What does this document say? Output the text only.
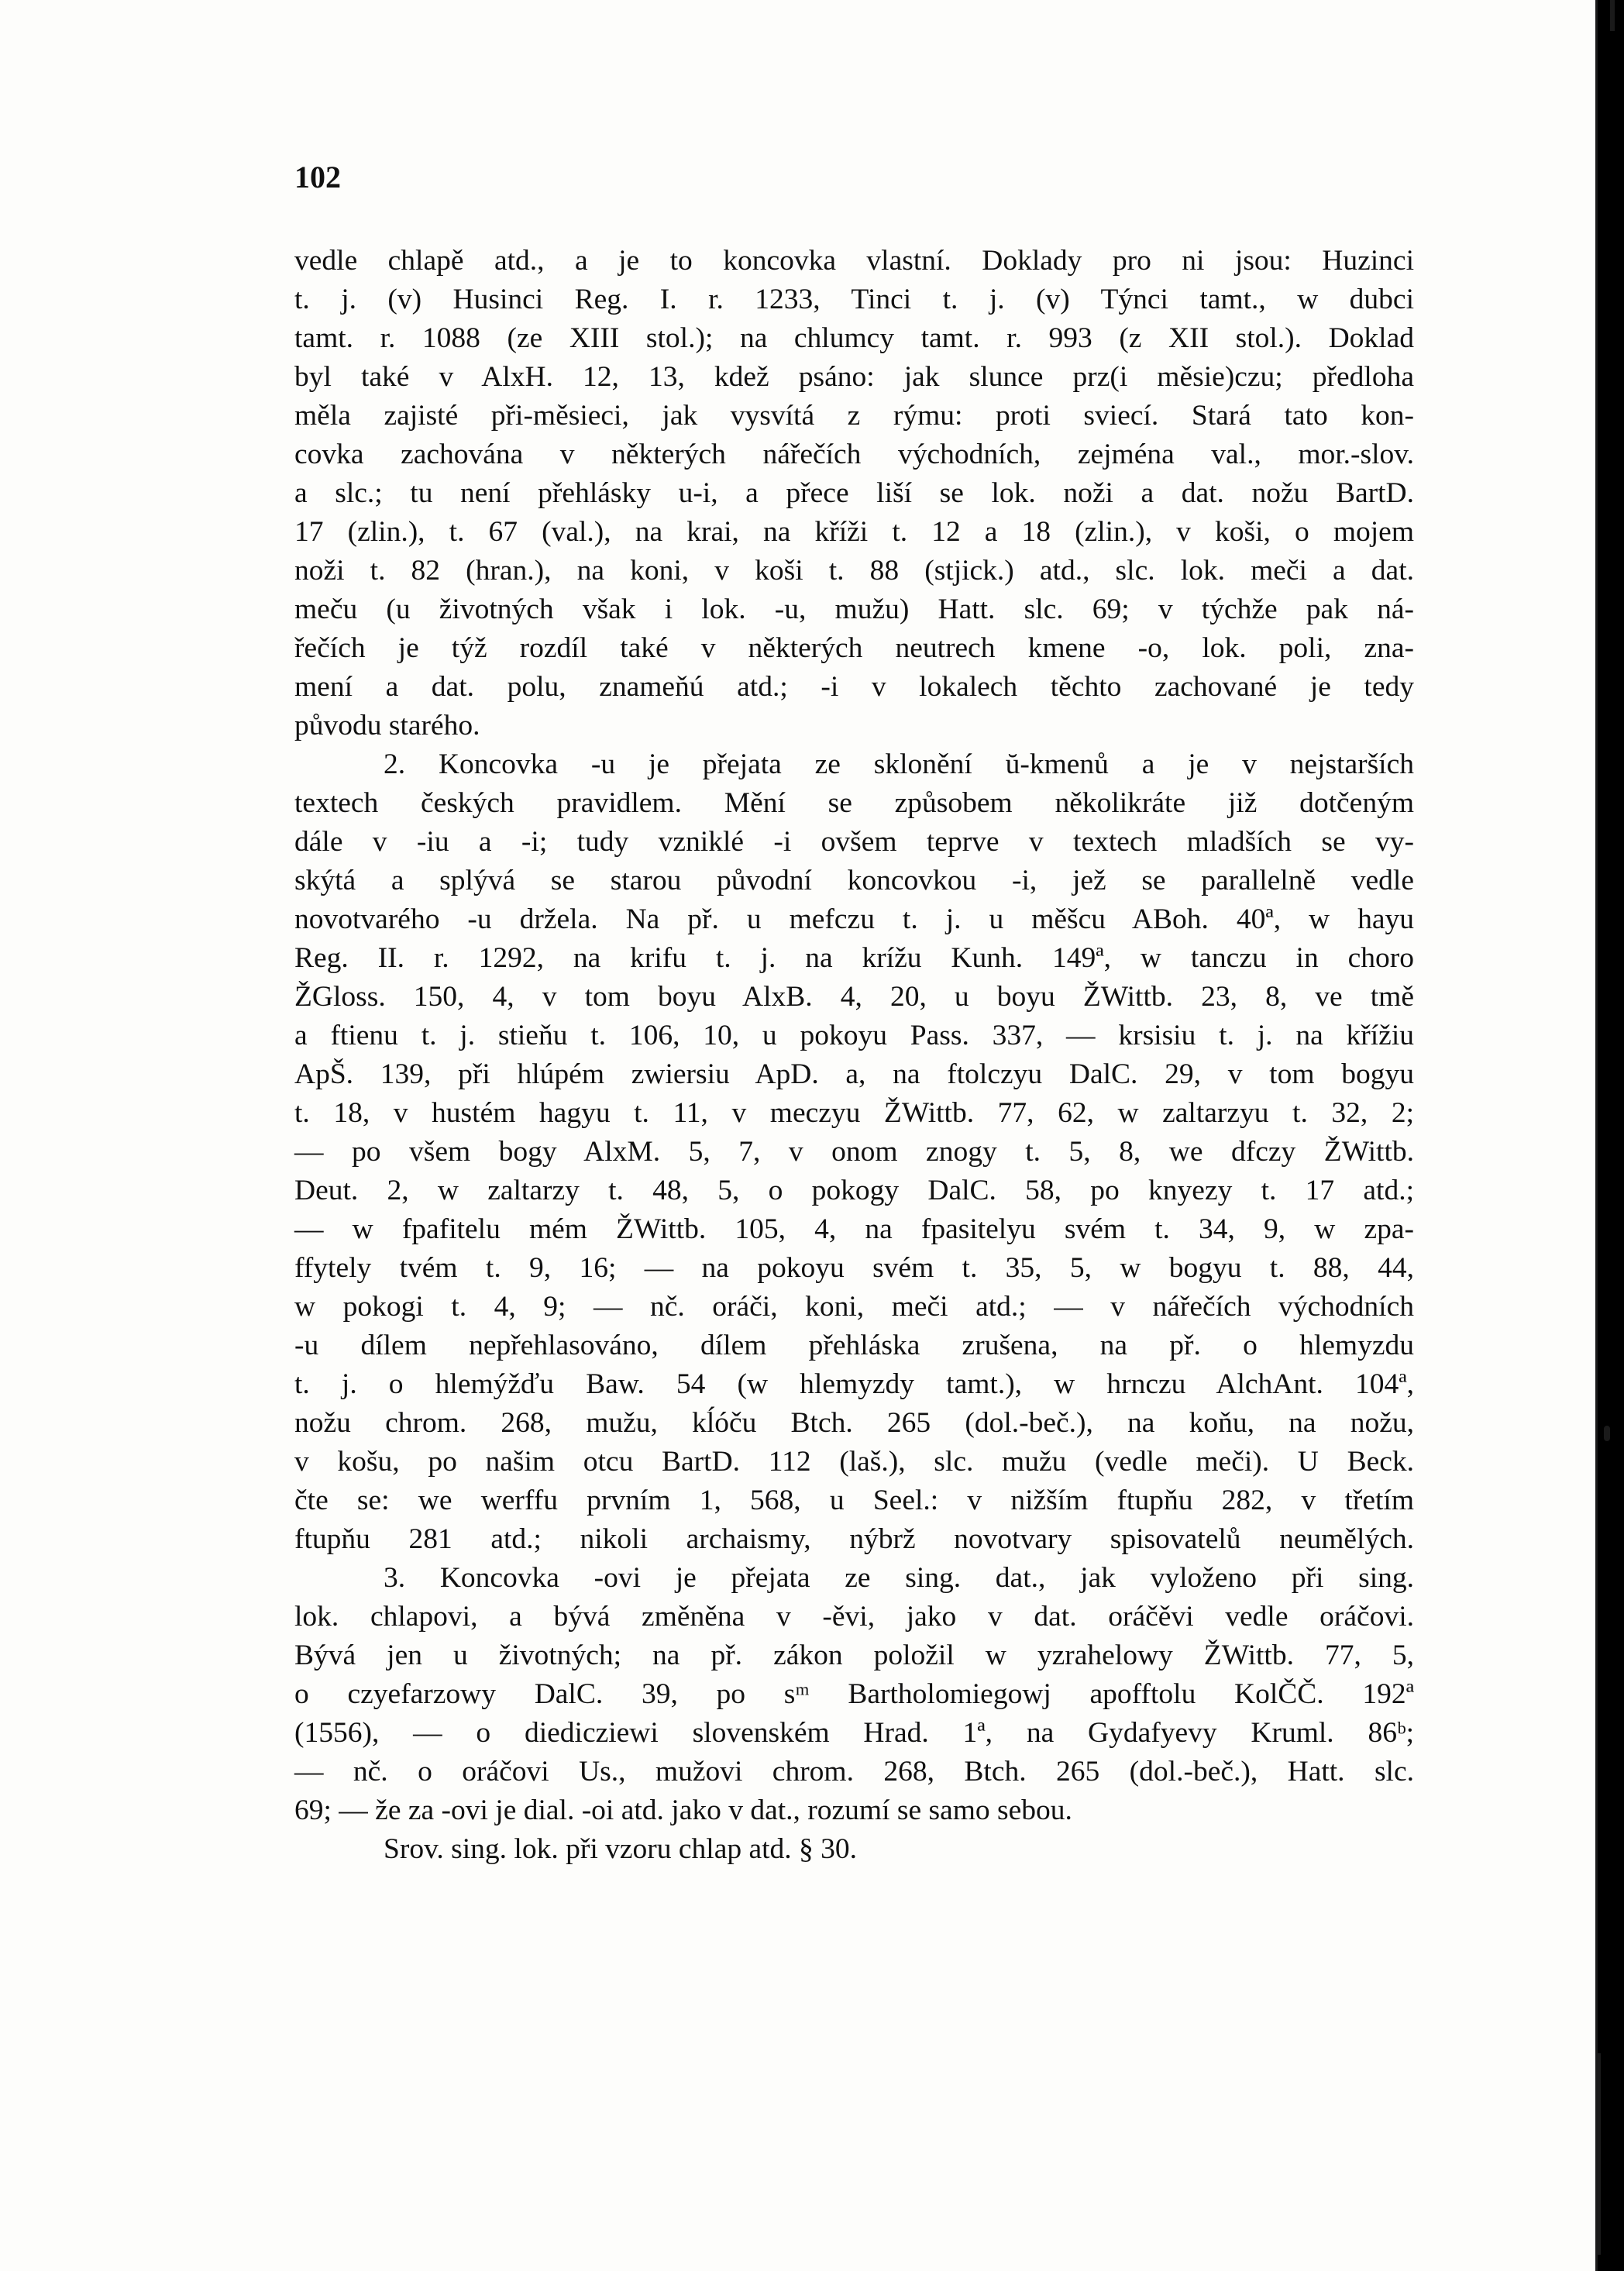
102
vedle chlapě atd., a je to koncovka vlastní. Doklady pro ni jsou: Huzinci
t. j. (v) Husinci Reg. I. r. 1233, Tinci t. j. (v) Týnci tamt., w dubci
tamt. r. 1088 (ze XIII stol.); na chlumcy tamt. r. 993 (z XII stol.). Doklad
byl také v AlxH. 12, 13, kdež psáno: jak slunce prz(i měsie)czu; předloha
měla zajisté při-měsieci, jak vysvítá z rýmu: proti sviecí. Stará tato kon-
covka zachována v některých nářečích východních, zejména val., mor.-slov.
a slc.; tu není přehlásky u-i, a přece liší se lok. noži a dat. nožu BartD.
17 (zlin.), t. 67 (val.), na krai, na kříži t. 12 a 18 (zlin.), v koši, o mojem
noži t. 82 (hran.), na koni, v koši t. 88 (stjick.) atd., slc. lok. meči a dat.
meču (u životných však i lok. -u, mužu) Hatt. slc. 69; v týchže pak ná-
řečích je týž rozdíl také v některých neutrech kmene -o, lok. poli, zna-
mení a dat. polu, znameňú atd.; -i v lokalech těchto zachované je tedy
původu starého.
2. Koncovka -u je přejata ze sklonění ŭ-kmenů a je v nejstarších
textech českých pravidlem. Mění se způsobem několikráte již dotčeným
dále v -iu a -i; tudy vzniklé -i ovšem teprve v textech mladších se vy-
skýtá a splývá se starou původní koncovkou -i, jež se parallelně vedle
novotvarého -u držela. Na př. u mefczu t. j. u měšcu ABoh. 40ª, w hayu
Reg. II. r. 1292, na krifu t. j. na krížu Kunh. 149ª, w tanczu in choro
ŽGloss. 150, 4, v tom boyu AlxB. 4, 20, u boyu ŽWittb. 23, 8, ve tmě
a ftienu t. j. stieňu t. 106, 10, u pokoyu Pass. 337, — krsisiu t. j. na křížiu
ApŠ. 139, při hlúpém zwiersiu ApD. a, na ftolczyu DalC. 29, v tom bogyu
t. 18, v hustém hagyu t. 11, v meczyu ŽWittb. 77, 62, w zaltarzyu t. 32, 2;
— po všem bogy AlxM. 5, 7, v onom znogy t. 5, 8, we dfczy ŽWittb.
Deut. 2, w zaltarzy t. 48, 5, o pokogy DalC. 58, po knyezy t. 17 atd.;
— w fpafitelu mém ŽWittb. 105, 4, na fpasitelyu svém t. 34, 9, w zpa-
ffytely tvém t. 9, 16; — na pokoyu svém t. 35, 5, w bogyu t. 88, 44,
w pokogi t. 4, 9; — nč. oráči, koni, meči atd.; — v nářečích východních
-u dílem nepřehlasováno, dílem přehláska zrušena, na př. o hlemyzdu
t. j. o hlemýžďu Baw. 54 (w hlemyzdy tamt.), w hrnczu AlchAnt. 104ª,
nožu chrom. 268, mužu, kĺóču Btch. 265 (dol.-beč.), na koňu, na nožu,
v košu, po našim otcu BartD. 112 (laš.), slc. mužu (vedle meči). U Beck.
čte se: we werffu prvním 1, 568, u Seel.: v nižším ftupňu 282, v třetím
ftupňu 281 atd.; nikoli archaismy, nýbrž novotvary spisovatelů neumělých.
3. Koncovka -ovi je přejata ze sing. dat., jak vyloženo při sing.
lok. chlapovi, a bývá změněna v -ěvi, jako v dat. oráčěvi vedle oráčovi.
Bývá jen u životných; na př. zákon položil w yzrahelowy ŽWittb. 77, 5,
o czyefarzowy DalC. 39, po sᵐ Bartholomiegowj apofftolu KolČČ. 192ª
(1556), — o diedicziewi slovenském Hrad. 1ª, na Gydafyevy Kruml. 86ᵇ;
— nč. o oráčovi Us., mužovi chrom. 268, Btch. 265 (dol.-beč.), Hatt. slc.
69; — že za -ovi je dial. -oi atd. jako v dat., rozumí se samo sebou.
Srov. sing. lok. při vzoru chlap atd. § 30.
